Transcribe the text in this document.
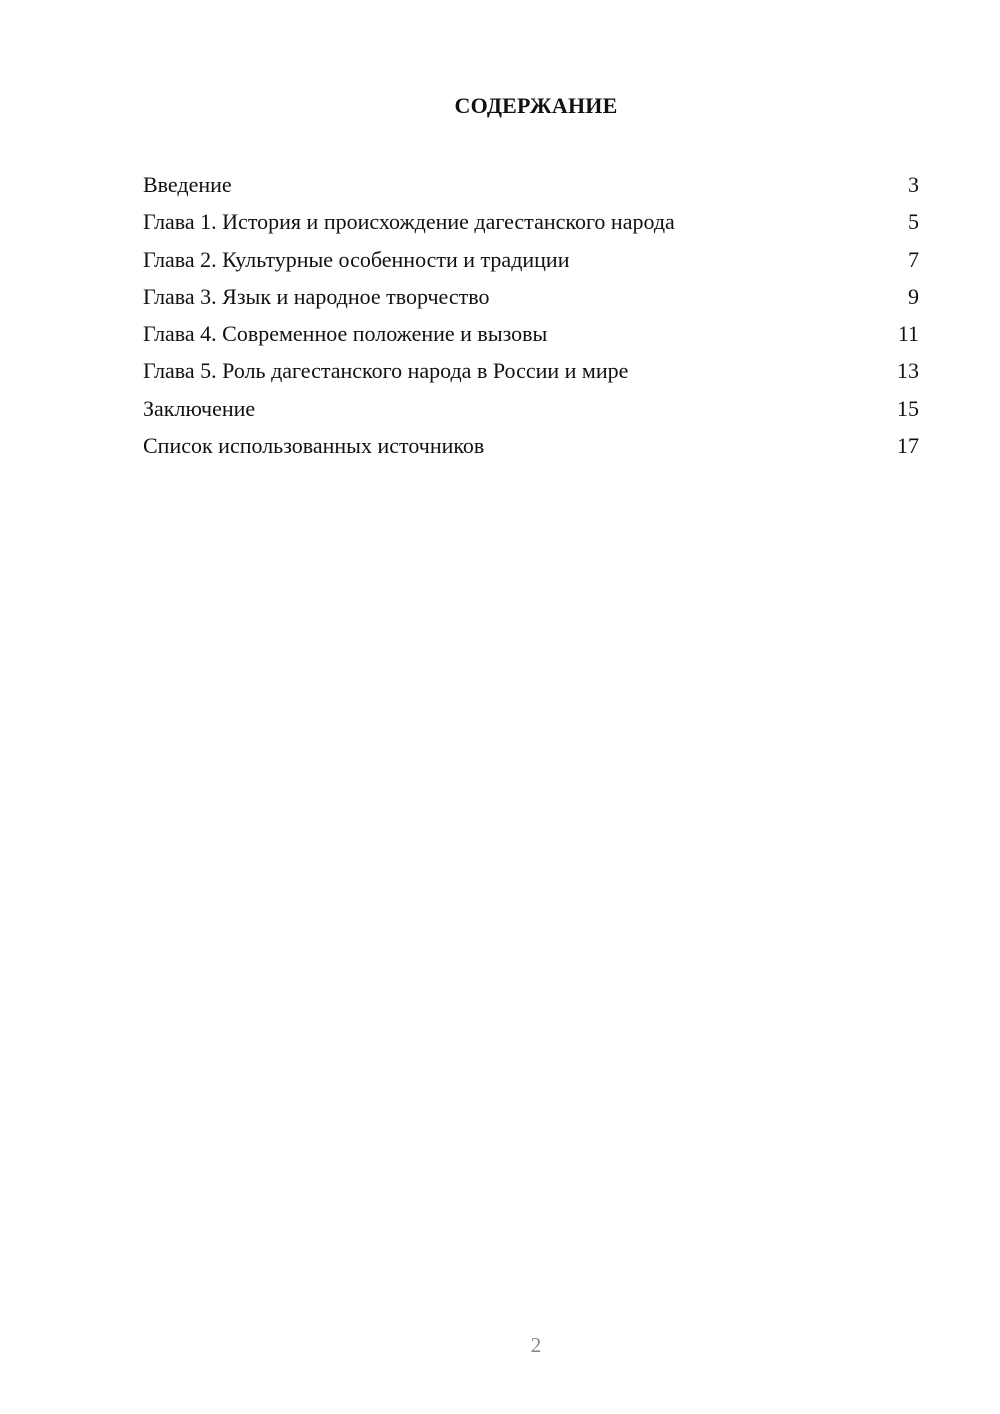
СОДЕРЖАНИЕ
Введение	3
Глава 1. История и происхождение дагестанского народа	5
Глава 2. Культурные особенности и традиции	7
Глава 3. Язык и народное творчество	9
Глава 4. Современное положение и вызовы	11
Глава 5. Роль дагестанского народа в России и мире	13
Заключение	15
Список использованных источников	17
2
